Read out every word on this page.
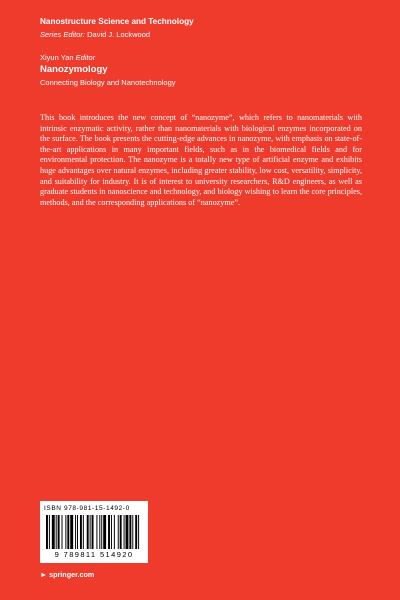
Nanostructure Science and Technology
Series Editor: David J. Lockwood
Xiyun Yan Editor
Nanozymology
Connecting Biology and Nanotechnology

This book introduces the new concept of “nanozyme”, which refers to nanomaterials with intrinsic enzymatic activity, rather than nanomaterials with biological enzymes incorporated on the surface. The book presents the cutting-edge advances in nanozyme, with emphasis on state-of-the-art applications in many important fields, such as in the biomedical fields and for environmental protection. The nanozyme is a totally new type of artificial enzyme and exhibits huge advantages over natural enzymes, including greater stability, low cost, versatility, simplicity, and suitability for industry. It is of interest to university researchers, R&D engineers, as well as graduate students in nanoscience and technology, and biology wishing to learn the core principles, methods, and the corresponding applications of “nanozyme”.

ISBN 978-981-15-1492-0
9 789811 514920
► springer.com
